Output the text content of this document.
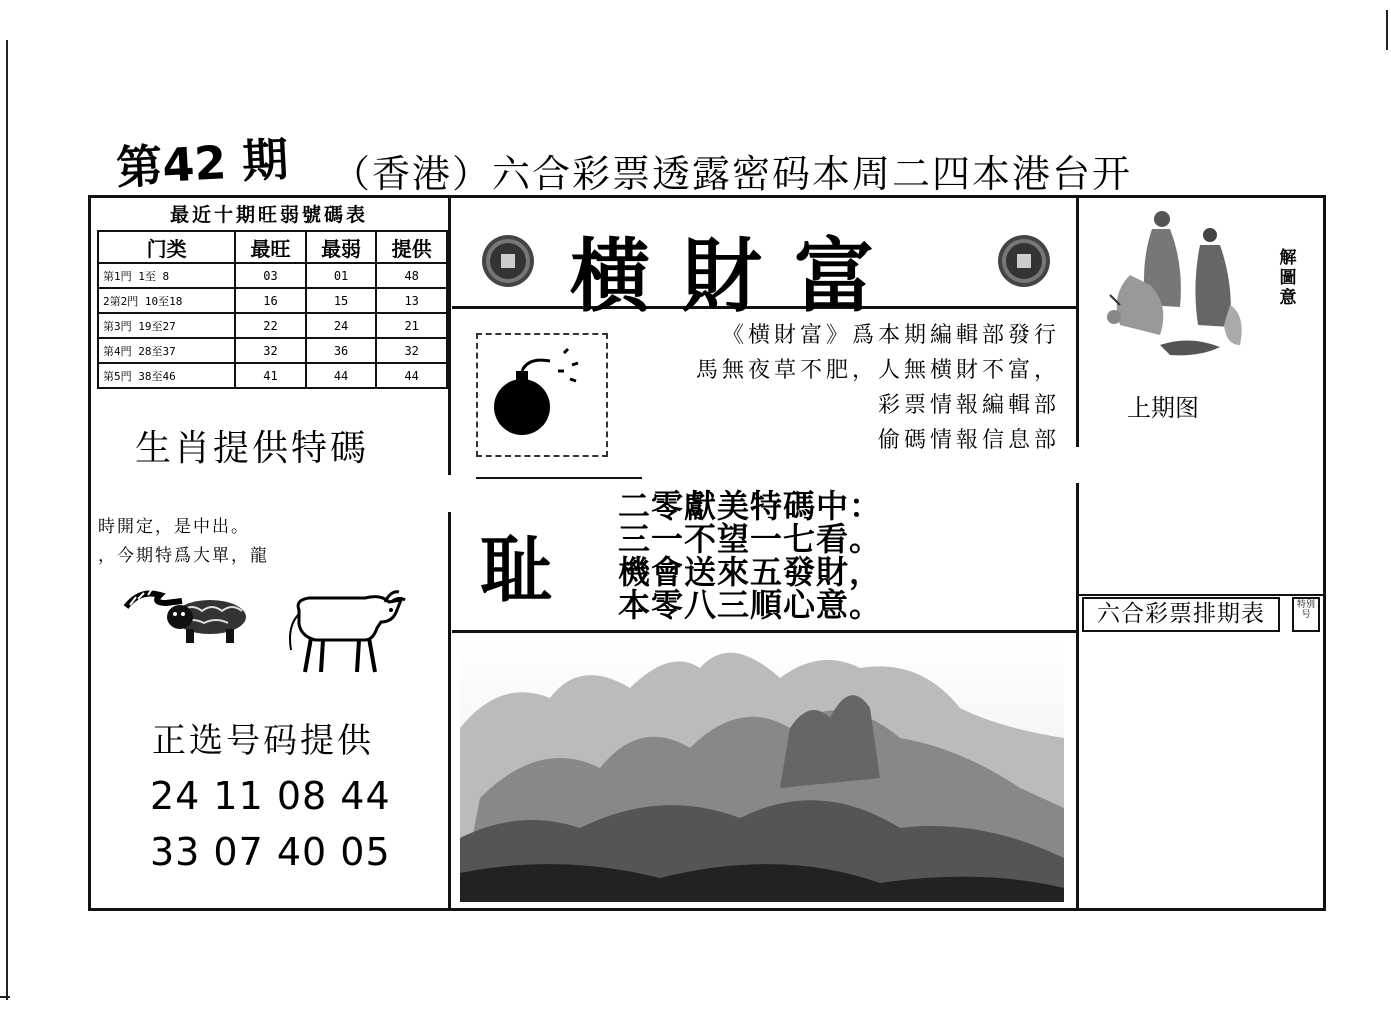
第42 期 （香港）六合彩票透露密码本周二四本港台开
最近十期旺弱號碼表
门类	最旺	最弱	提供
第1門 1至 8	03	01	48
2第2門 10至18	16	15	13
第3門 19至27	22	24	21
第4門 28至37	32	36	32
第5門 38至46	41	44	44
生肖提供特碼
時開定，是中出。
，今期特爲大單，龍
正选号码提供
24 11 08 44
33 07 40 05
横財富
《横財富》爲本期編輯部發行
馬無夜草不肥，人無横財不富，
彩票情報編輯部
偷碼情報信息部
耻
二零獻美特碼中：
三一不望一七看。
機會送來五發財，
本零八三順心意。
解圖意
上期图
六合彩票排期表	特别号
